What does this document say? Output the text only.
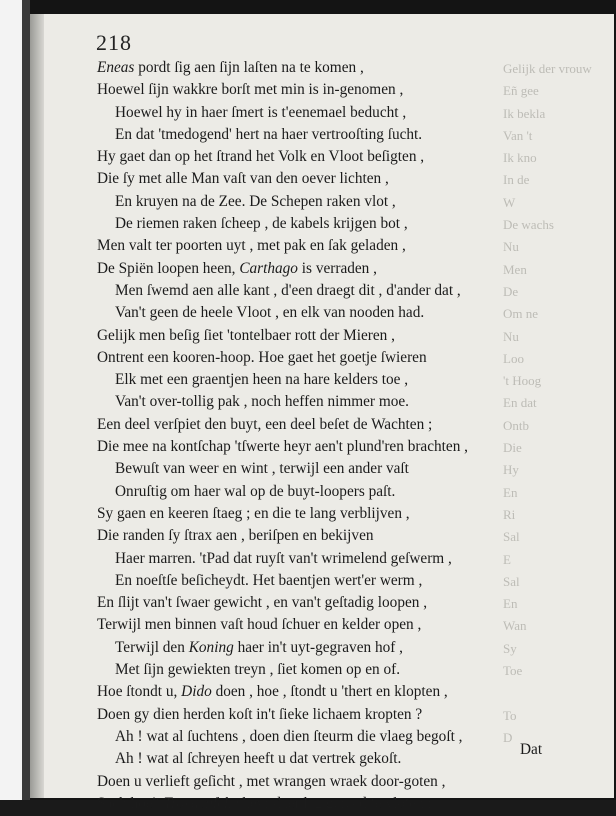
Gelijk der vrouw
Eñ gee
Ik bekla
Van 't
Ik kno
In de
W
De wachs
Nu
Men
De
Om ne
Nu
Loo
't Hoog
En dat
Ontb
Die
Hy
En
Ri
Sal
E
Sal
En
Wan
Sy
Toe

To
D

218
Eneas pordt ſig aen ſijn laſten na te komen ,
Hoewel ſijn wakkre borſt met min is in-genomen ,
Hoewel hy in haer ſmert is t'eenemael beducht ,
En dat 'tmedogend' hert na haer vertrooſting ſucht.
Hy gaet dan op het ſtrand het Volk en Vloot beſigten ,
Die ſy met alle Man vaſt van den oever lichten ,
En kruyen na de Zee. De Schepen raken vlot ,
De riemen raken ſcheep , de kabels krijgen bot ,
Men valt ter poorten uyt , met pak en ſak geladen ,
De Spiën loopen heen, Carthago is verraden ,
Men ſwemd aen alle kant , d'een draegt dit , d'ander dat ,
Van't geen de heele Vloot , en elk van nooden had.
Gelijk men beſig ſiet 'tontelbaer rott der Mieren ,
Ontrent een kooren-hoop. Hoe gaet het goetje ſwieren
Elk met een graentjen heen na hare kelders toe ,
Van't over-tollig pak , noch heffen nimmer moe.
Een deel verſpiet den buyt, een deel beſet de Wachten ;
Die mee na kontſchap 'tſwerte heyr aen't plund'ren brachten ,
Bewuſt van weer en wint , terwijl een ander vaſt
Onruſtig om haer wal op de buyt-loopers paſt.
Sy gaen en keeren ſtaeg ; en die te lang verblijven ,
Die randen ſy ſtrax aen , beriſpen en bekijven
Haer marren. 'tPad dat ruyſt van't wrimelend geſwerm ,
En noeſtſe beſicheydt. Het baentjen wert'er werm ,
En ſlijt van't ſwaer gewicht , en van't geſtadig loopen ,
Terwijl men binnen vaſt houd ſchuer en kelder open ,
Terwijl den Koning haer in't uyt-gegraven hof ,
Met ſijn gewiekten treyn , ſiet komen op en of.
Hoe ſtondt u, Dido doen , hoe , ſtondt u 'thert en klopten ,
Doen gy dien herden koſt in't ſieke lichaem kropten ?
Ah ! wat al ſuchtens , doen dien ſteurm die vlaeg begoſt ,
Ah ! wat al ſchreyen heeft u dat vertrek gekoſt.
Doen u verlieft geſicht , met wrangen wraek door-goten ,
Sach hoe't Troyaenſche heyr daer lag gereed te vloten ;
Dat
